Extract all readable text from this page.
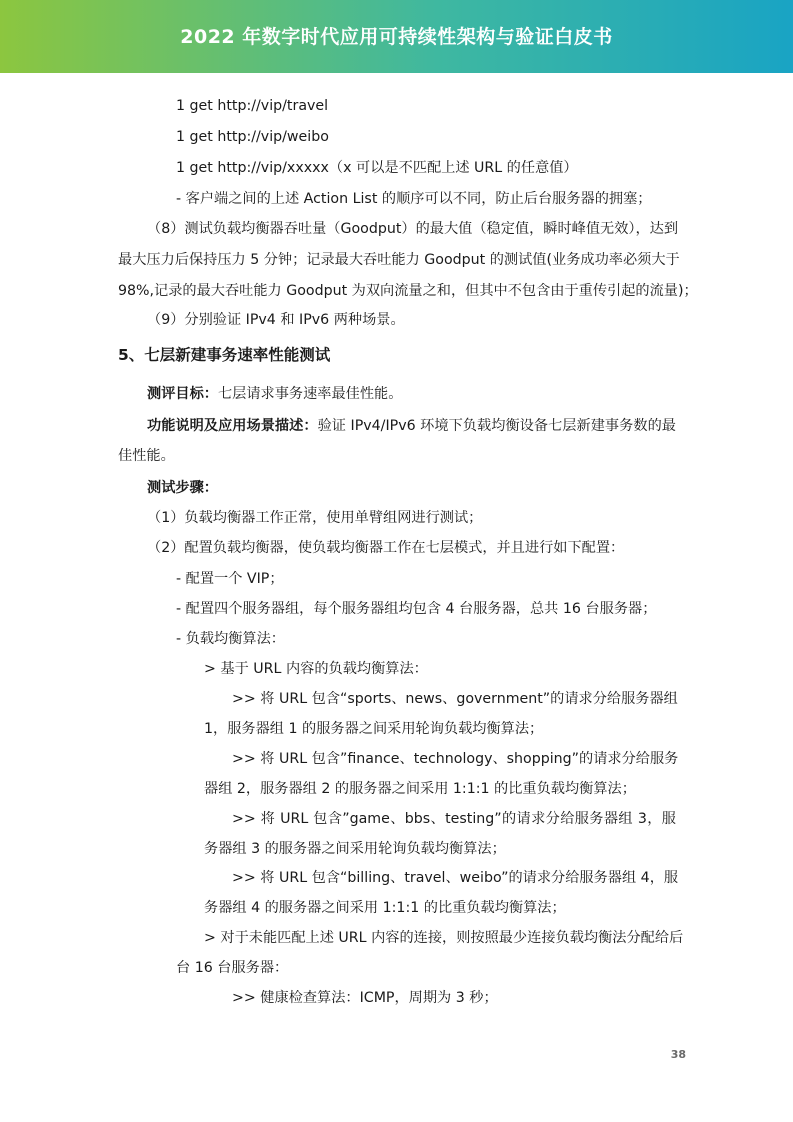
2022 年数字时代应用可持续性架构与验证白皮书
1 get http://vip/travel
1 get http://vip/weibo
1 get http://vip/xxxxx（x 可以是不匹配上述 URL 的任意值）
- 客户端之间的上述 Action List 的顺序可以不同，防止后台服务器的拥塞；
（8）测试负载均衡器吞吐量（Goodput）的最大值（稳定值，瞬时峰值无效），达到
最大压力后保持压力 5 分钟；记录最大吞吐能力 Goodput 的测试值(业务成功率必须大于
98%,记录的最大吞吐能力 Goodput 为双向流量之和，但其中不包含由于重传引起的流量)；
（9）分别验证 IPv4 和 IPv6 两种场景。
5、七层新建事务速率性能测试
测评目标：七层请求事务速率最佳性能。
功能说明及应用场景描述：验证 IPv4/IPv6 环境下负载均衡设备七层新建事务数的最
佳性能。
测试步骤：
（1）负载均衡器工作正常，使用单臂组网进行测试；
（2）配置负载均衡器，使负载均衡器工作在七层模式，并且进行如下配置：
- 配置一个 VIP；
- 配置四个服务器组，每个服务器组均包含 4 台服务器，总共 16 台服务器；
- 负载均衡算法：
> 基于 URL 内容的负载均衡算法：
>> 将 URL 包含“sports、news、government”的请求分给服务器组
1，服务器组 1 的服务器之间采用轮询负载均衡算法；
>> 将 URL 包含”finance、technology、shopping”的请求分给服务
器组 2，服务器组 2 的服务器之间采用 1:1:1 的比重负载均衡算法；
>> 将 URL 包含”game、bbs、testing”的请求分给服务器组 3，服
务器组 3 的服务器之间采用轮询负载均衡算法；
>> 将 URL 包含“billing、travel、weibo”的请求分给服务器组 4，服
务器组 4 的服务器之间采用 1:1:1 的比重负载均衡算法；
> 对于未能匹配上述 URL 内容的连接，则按照最少连接负载均衡法分配给后
台 16 台服务器：
>> 健康检查算法：ICMP，周期为 3 秒；
38
